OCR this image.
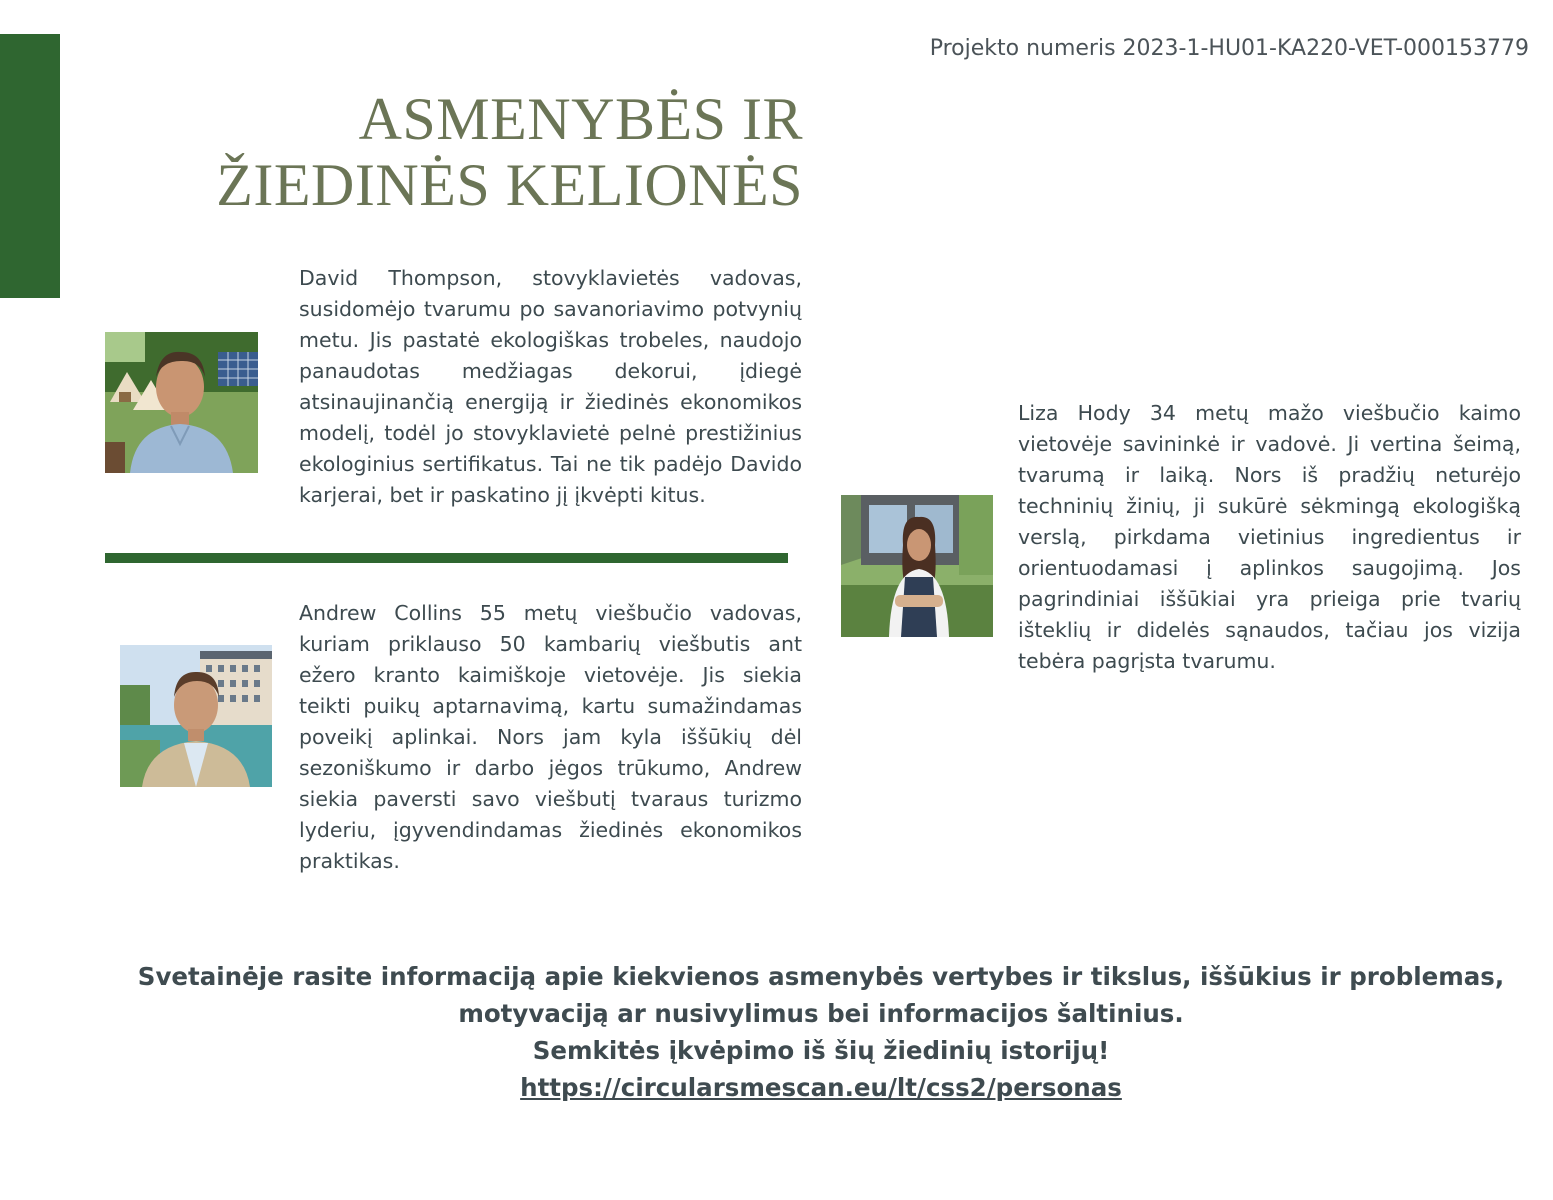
Projekto numeris 2023-1-HU01-KA220-VET-000153779
ASMENYBĖS IR
ŽIEDINĖS KELIONĖS

David Thompson, stovyklavietės vadovas, susidomėjo tvarumu po savanoriavimo potvynių metu. Jis pastatė ekologiškas trobeles, naudojo panaudotas medžiagas dekorui, įdiegė atsinaujinančią energiją ir žiedinės ekonomikos modelį, todėl jo stovyklavietė pelnė prestižinius ekologinius sertifikatus. Tai ne tik padėjo Davido karjerai, bet ir paskatino jį įkvėpti kitus.

Andrew Collins 55 metų viešbučio vadovas, kuriam priklauso 50 kambarių viešbutis ant ežero kranto kaimiškoje vietovėje. Jis siekia teikti puikų aptarnavimą, kartu sumažindamas poveikį aplinkai. Nors jam kyla iššūkių dėl sezoniškumo ir darbo jėgos trūkumo, Andrew siekia paversti savo viešbutį tvaraus turizmo lyderiu, įgyvendindamas žiedinės ekonomikos praktikas.

Liza Hody 34 metų mažo viešbučio kaimo vietovėje savininkė ir vadovė. Ji vertina šeimą, tvarumą ir laiką. Nors iš pradžių neturėjo techninių žinių, ji sukūrė sėkmingą ekologišką verslą, pirkdama vietinius ingredientus ir orientuodamasi į aplinkos saugojimą. Jos pagrindiniai iššūkiai yra prieiga prie tvarių išteklių ir didelės sąnaudos, tačiau jos vizija tebėra pagrįsta tvarumu.

Svetainėje rasite informaciją apie kiekvienos asmenybės vertybes ir tikslus, iššūkius ir problemas,

motyvaciją ar nusivylimus bei informacijos šaltinius.

Semkitės įkvėpimo iš šių žiedinių istorijų!

https://circularsmescan.eu/lt/css2/personas
